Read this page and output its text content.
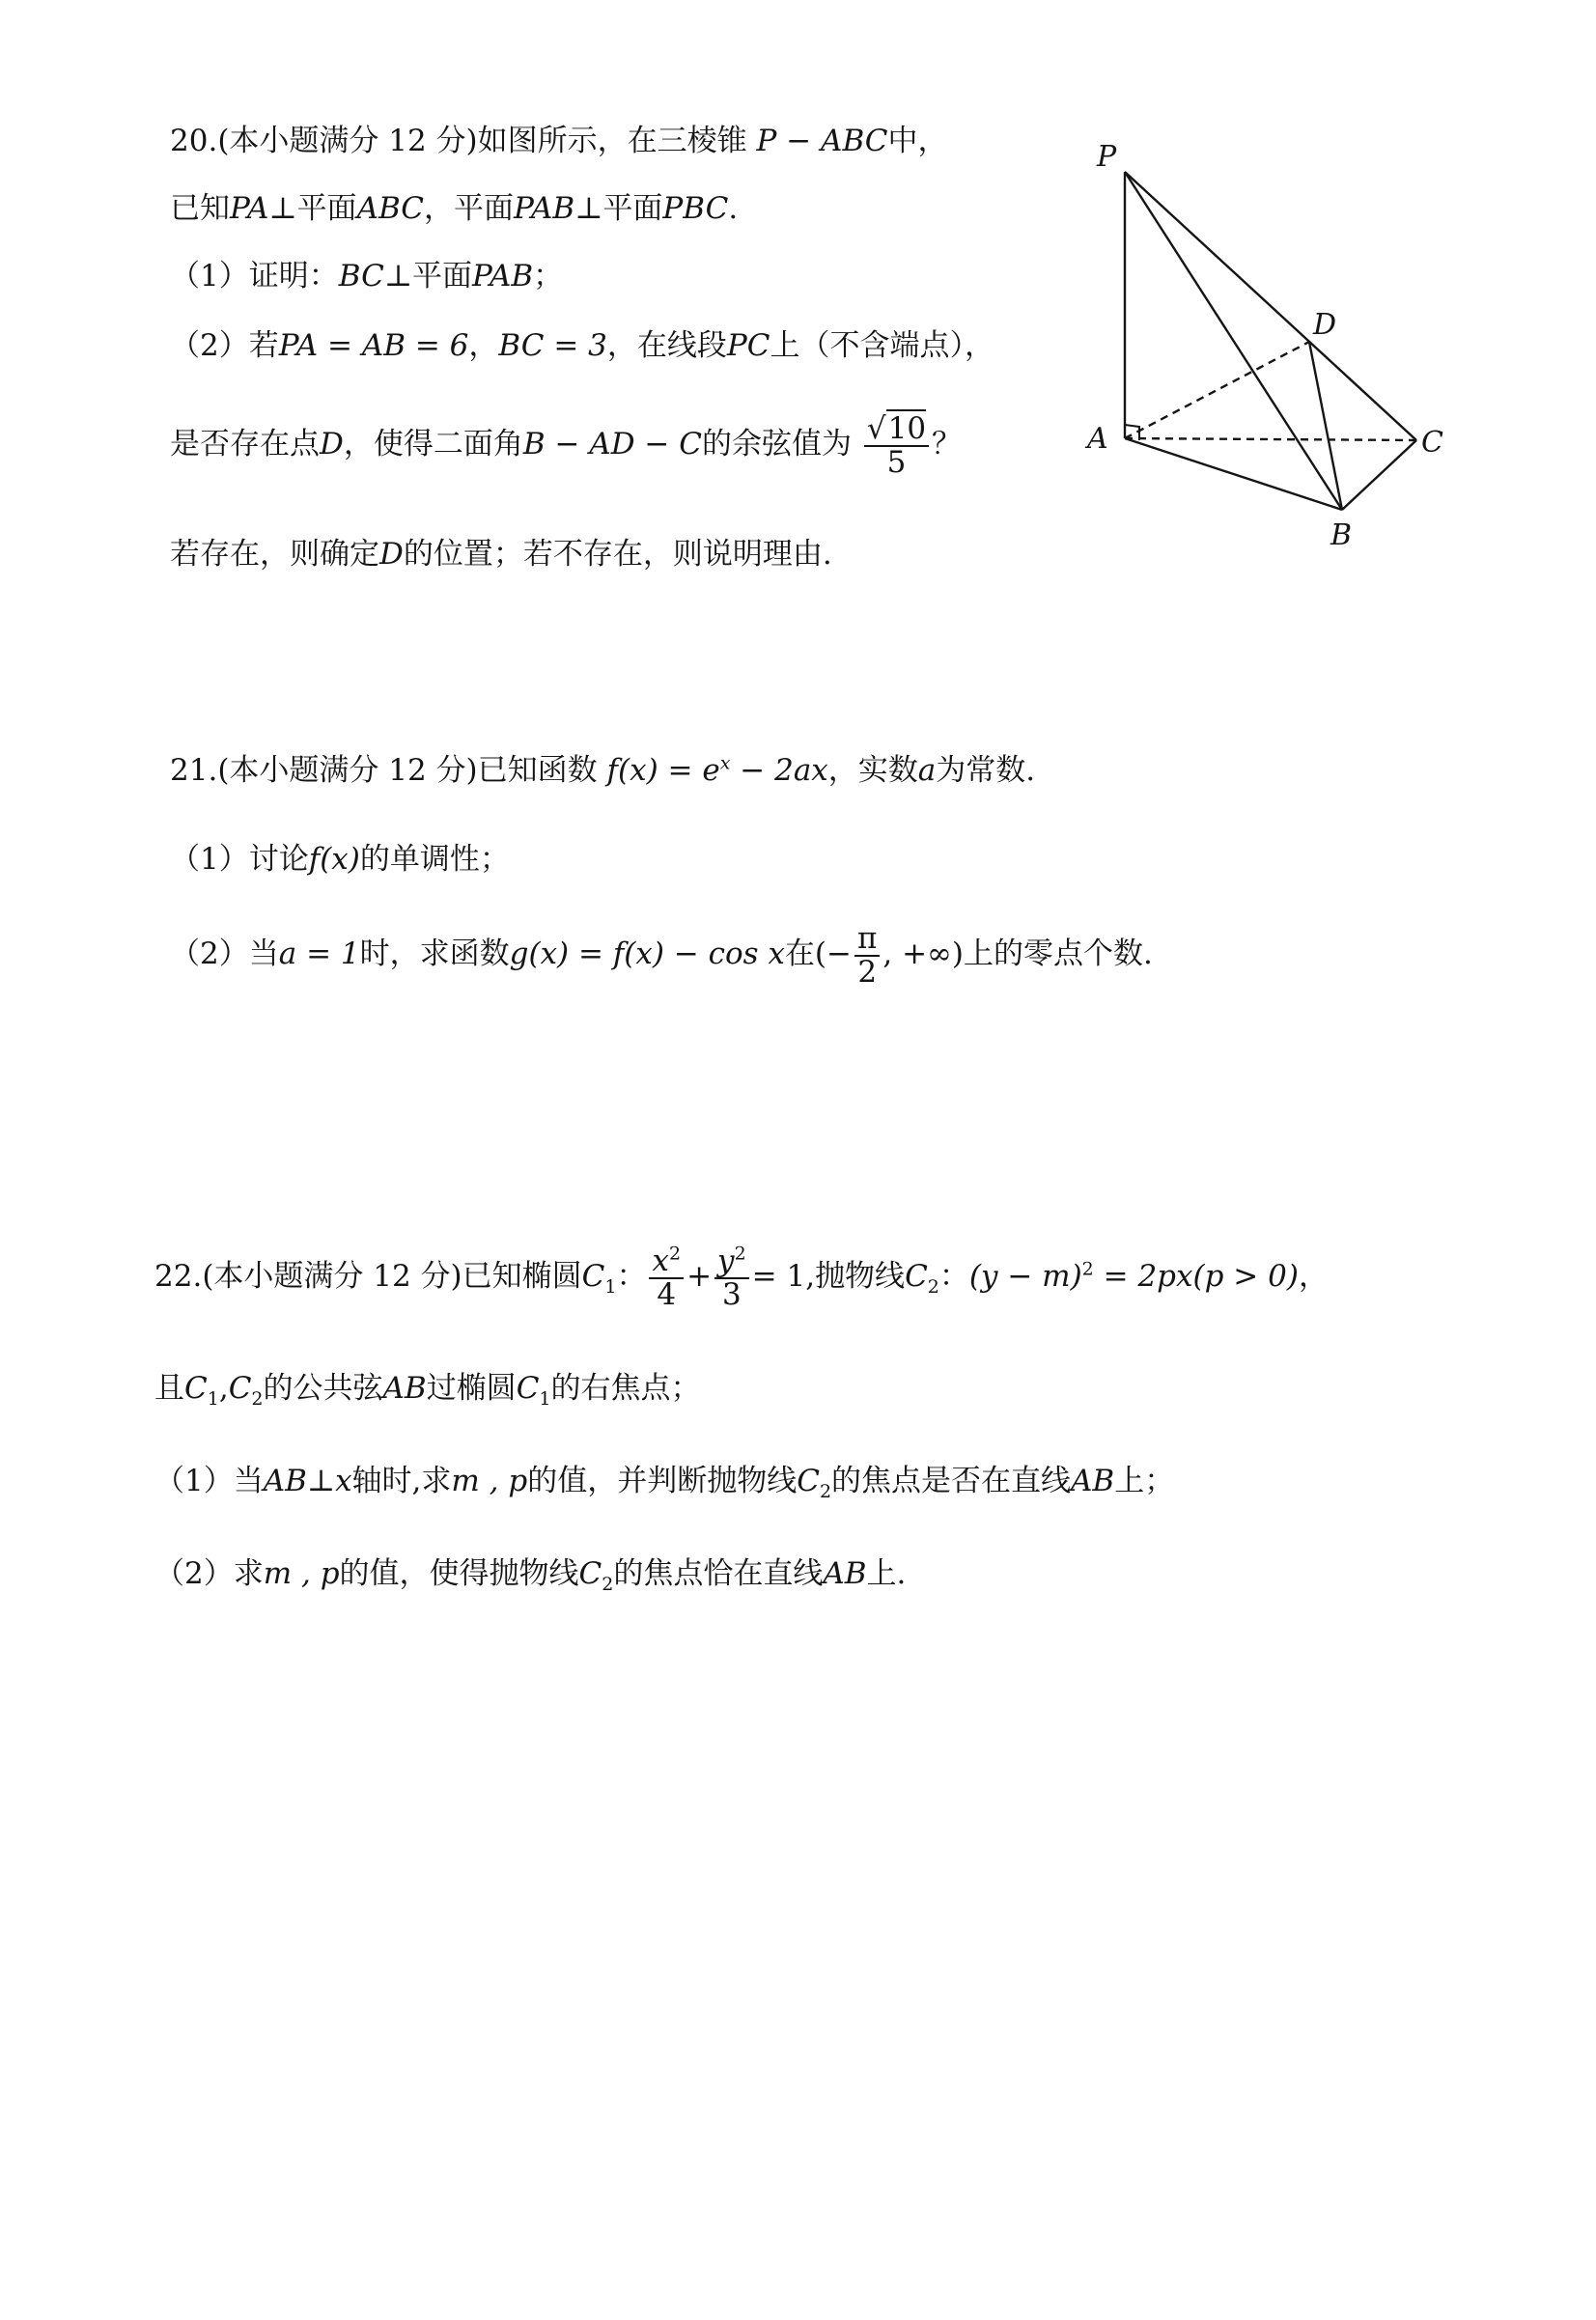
20.(本小题满分 12 分)如图所示，在三棱锥 P − ABC中，
已知PA⊥平面ABC，平面PAB⊥平面PBC.
（1）证明：BC⊥平面PAB；
（2）若PA = AB = 6，BC = 3，在线段PC上（不含端点），
是否存在点D，使得二面角B − AD − C的余弦值为 $\frac{√10}{5}$ ？
若存在，则确定D的位置；若不存在，则说明理由.
P
D
A	C
B
21.(本小题满分 12 分)已知函数 $f(x) = e^x - 2ax$，实数a为常数.
（1）讨论f(x)的单调性；
（2）当a = 1时，求函数g(x) = f(x) − cos x在(− $\frac{\pi}{2}$ , +∞)上的零点个数.
22.(本小题满分 12 分)已知椭圆$C_1$： $\frac{x^2}{4} + \frac{y^2}{3} = 1$,抛物线$C_2$：$(y - m)^2 = 2px(p > 0)$，
且$C_1,C_2$的公共弦AB过椭圆$C_1$的右焦点；
（1）当AB⊥x轴时,求m , p的值，并判断抛物线$C_2$的焦点是否在直线AB上；
（2）求m , p的值，使得抛物线$C_2$的焦点恰在直线AB上.
